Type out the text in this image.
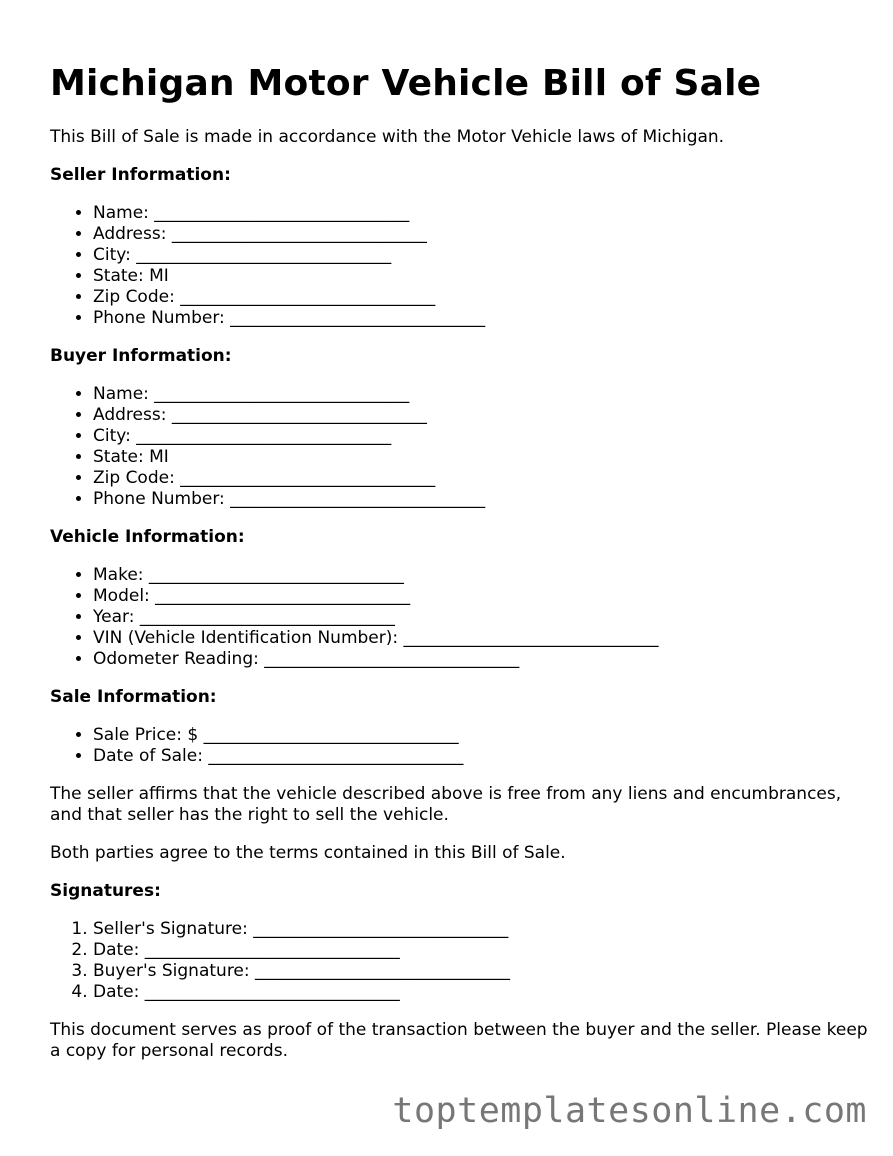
Michigan Motor Vehicle Bill of Sale

This Bill of Sale is made in accordance with the Motor Vehicle laws of Michigan.

Seller Information:
• Name: ______________________________
• Address: ______________________________
• City: ______________________________
• State: MI
• Zip Code: ______________________________
• Phone Number: ______________________________
Buyer Information:
• Name: ______________________________
• Address: ______________________________
• City: ______________________________
• State: MI
• Zip Code: ______________________________
• Phone Number: ______________________________
Vehicle Information:
• Make: ______________________________
• Model: ______________________________
• Year: ______________________________
• VIN (Vehicle Identification Number): ______________________________
• Odometer Reading: ______________________________
Sale Information:
• Sale Price: $ ______________________________
• Date of Sale: ______________________________

The seller affirms that the vehicle described above is free from any liens and encumbrances, and that seller has the right to sell the vehicle.

Both parties agree to the terms contained in this Bill of Sale.

Signatures:
1. Seller's Signature: ______________________________
2. Date: ______________________________
3. Buyer's Signature: ______________________________
4. Date: ______________________________

This document serves as proof of the transaction between the buyer and the seller. Please keep a copy for personal records.

toptemplatesonline.com
